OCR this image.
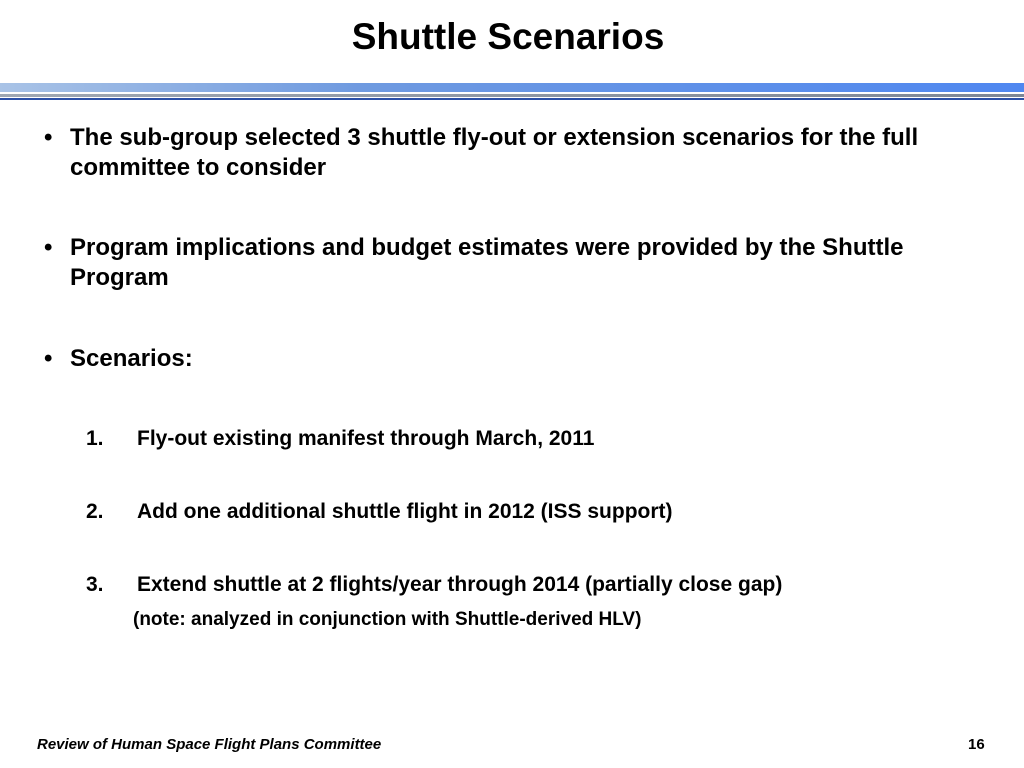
Shuttle Scenarios
• The sub-group selected 3 shuttle fly-out or extension scenarios for the full committee to consider
• Program implications and budget estimates were provided by the Shuttle Program
• Scenarios:
1. Fly-out existing manifest through March, 2011
2. Add one additional shuttle flight in 2012 (ISS support)
3. Extend shuttle at 2 flights/year through 2014 (partially close gap)
(note: analyzed in conjunction with Shuttle-derived HLV)
Review of Human Space Flight Plans Committee	16
